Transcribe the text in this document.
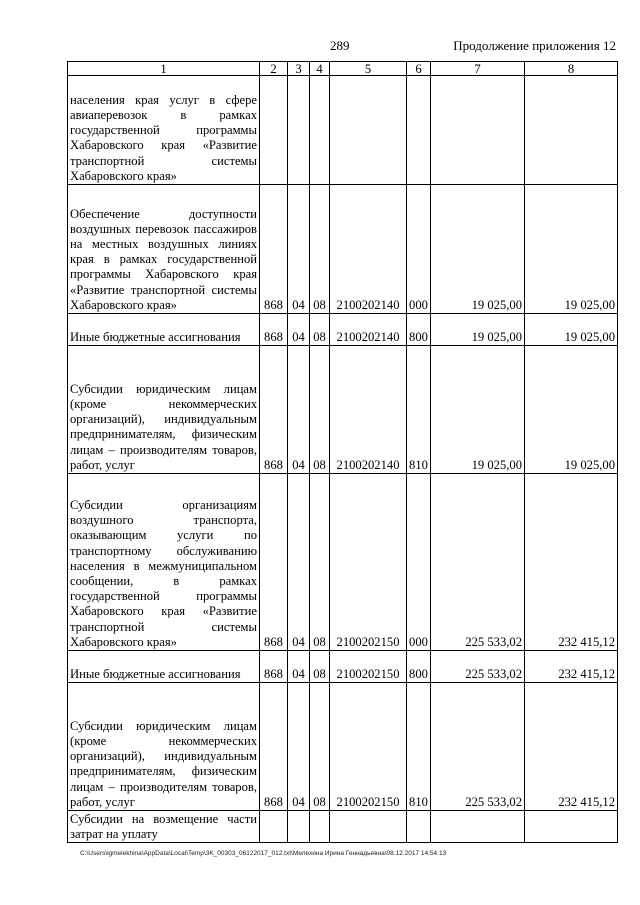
289	Продолжение приложения 12
1	2	3	4	5	6	7	8
населения края услуг в сфере авиаперевозок в рамках государственной программы Хабаровского края «Развитие транспортной системы Хабаровского края»							
Обеспечение доступности воздушных перевозок пассажиров на местных воздушных линиях края в рамках государственной программы Хабаровского края «Развитие транспортной системы Хабаровского края»	868	04	08	2100202140	000	19 025,00	19 025,00
Иные бюджетные ассигнования	868	04	08	2100202140	800	19 025,00	19 025,00
Субсидии юридическим лицам (кроме некоммерческих организаций), индивидуальным предпринимателям, физическим лицам – производителям товаров, работ, услуг	868	04	08	2100202140	810	19 025,00	19 025,00
Субсидии организациям воздушного транспорта, оказывающим услуги по транспортному обслуживанию населения в межмуниципальном сообщении, в рамках государственной программы Хабаровского края «Развитие транспортной системы Хабаровского края»	868	04	08	2100202150	000	225 533,02	232 415,12
Иные бюджетные ассигнования	868	04	08	2100202150	800	225 533,02	232 415,12
Субсидии юридическим лицам (кроме некоммерческих организаций), индивидуальным предпринимателям, физическим лицам – производителям товаров, работ, услуг	868	04	08	2100202150	810	225 533,02	232 415,12
Субсидии на возмещение части затрат на уплату							
C:\Users\igmelekhina\AppData\Local\Temp\3K_00303_06122017_012.txt\Мелехина Ирина Геннадьевна\08.12.2017 14:54:13
